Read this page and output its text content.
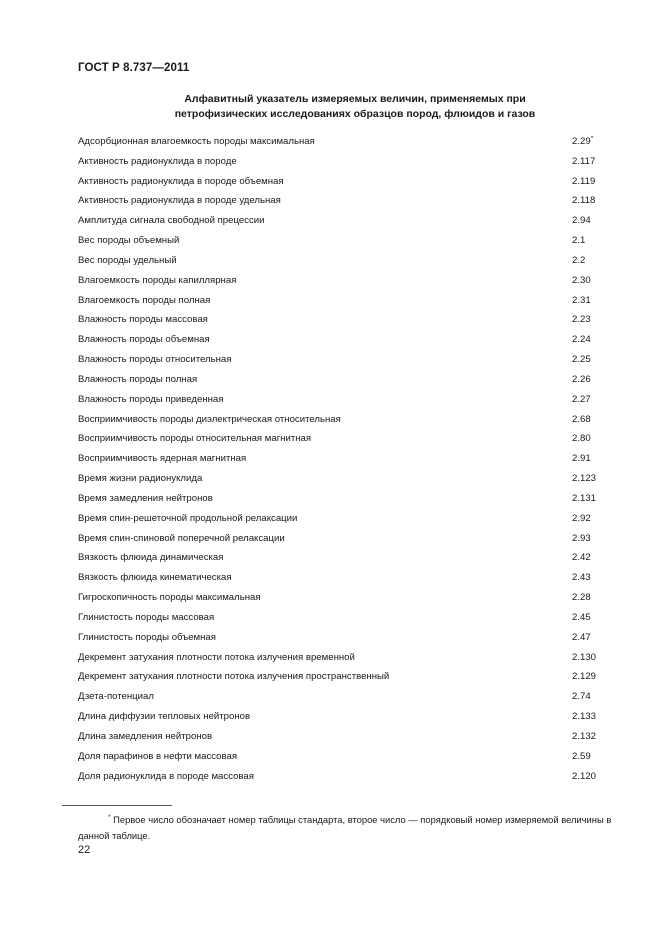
ГОСТ Р 8.737—2011
Алфавитный указатель измеряемых величин, применяемых при
петрофизических исследованиях образцов пород, флюидов и газов
Адсорбционная влагоемкость породы максимальная	2.29*
Активность радионуклида в породе	2.117
Активность радионуклида в породе объемная	2.119
Активность радионуклида в породе удельная	2.118
Амплитуда сигнала свободной прецессии	2.94
Вес породы объемный	2.1
Вес породы удельный	2.2
Влагоемкость породы капиллярная	2.30
Влагоемкость породы полная	2.31
Влажность породы массовая	2.23
Влажность породы объемная	2.24
Влажность породы относительная	2.25
Влажность породы полная	2.26
Влажность породы приведенная	2.27
Восприимчивость породы диэлектрическая относительная	2.68
Восприимчивость породы относительная магнитная	2.80
Восприимчивость ядерная магнитная	2.91
Время жизни радионуклида	2.123
Время замедления нейтронов	2.131
Время спин-решеточной продольной релаксации	2.92
Время спин-спиновой поперечной релаксации	2.93
Вязкость флюида динамическая	2.42
Вязкость флюида кинематическая	2.43
Гигроскопичность породы максимальная	2.28
Глинистость породы массовая	2.45
Глинистость породы объемная	2.47
Декремент затухания плотности потока излучения временной	2.130
Декремент затухания плотности потока излучения пространственный	2.129
Дзета-потенциал	2.74
Длина диффузии тепловых нейтронов	2.133
Длина замедления нейтронов	2.132
Доля парафинов в нефти массовая	2.59
Доля радионуклида в породе массовая	2.120
* Первое число обозначает номер таблицы стандарта, второе число — порядковый номер измеряемой величины в данной таблице.
22
